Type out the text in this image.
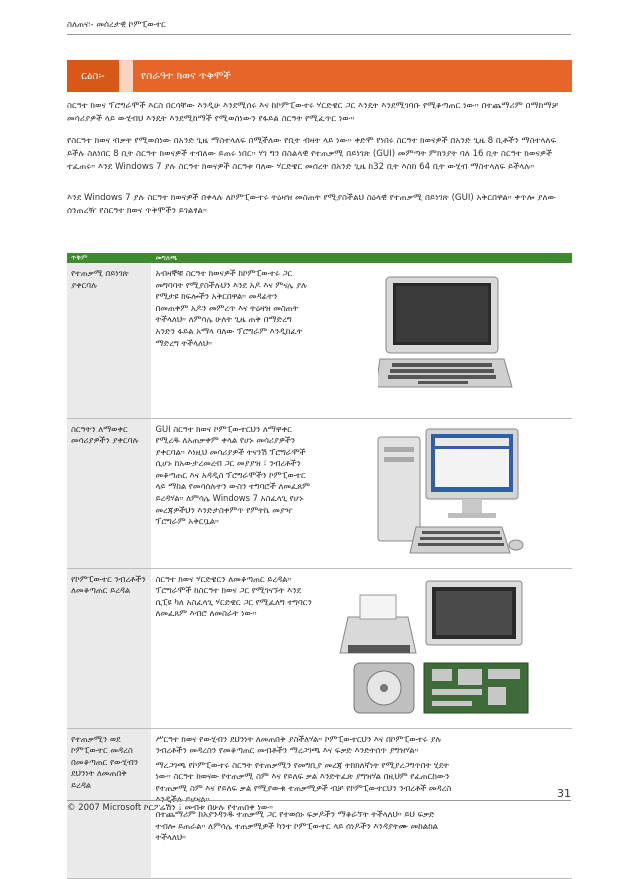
ስለጠና፡- መሰረታዊ ኮምፒውተር
ርዕስ፡-	የስራዓተ ክወና ጥቅሞች
ስርዓተ ክወና ፕሮግራሞች እርስ በርሳቸው እንዲሁ እንደሚሰሩ እና ከኮምፒውተሩ ሃርድዌር ጋር እንዴት እንደሚገባቡ የሚቆጣጠር ነው። በተጨማሪም በማከማቻ መሳሪያዎች ላይ ውሂብህ እንዴት እንደሚከማች የሚወስነውን የፋይል ስርዓት የሚፈጥር ነው።
የስርዓተ ክወና ብቃት የሚወሰነው በአንድ ጊዜ ማስተላለፍ በሚችለው የቢት ብዛት ላይ ነው። ቀድሞ የነበሩ ስርዓተ ክወናዎች በአንድ ጊዜ 8 ቢቶችን ማስተላለፍ ይችሉ ስለነበር 8 ቢት ስርዓተ ክወናዎች ተብለው ይጠሩ ነበር። ሃገ ግን በስልላዊ የተጠቃሚ በይነገጽ (GUI) መምጣት ምክንያት ባለ 16 ቢት ስርዓተ ክወናዎች ተፈጠሩ። እንደ Windows 7 ያሉ ስርዓተ ክወናዎች ስርዓቱ ባለው ሃርድዌር መሰረት በአንድ ጊዜ ከ32 ቢት እስከ 64 ቢት ውሂብ ማስተላለፍ ይችላሉ።
እንደ Windows 7 ያሉ ስርዓተ ክወናዎች በቀላሉ ለኮምፒውተሩ ትዕዛዝ መስጠት የሚያስችልህ ስዕላዊ የተጠቃሚ በይነገጽ (GUI) አቅርበዋል። ቀጥሎ ያለው ሰንጠረዥ የስርዓተ ክወና ጥቅሞችን ይገልፃል።
ጥቅም	መግለጫ	
የተጠቃሚ በይነገጽ ያቀርባሉ	አብዛኞቹ ስርዓተ ክወናዎች ከኮምፒውተሩ ጋር መግባባት የሚያስችሉህን እንደ አዶ እና ምናሌ ያሉ የሚታዩ ክፍሎችን አቅርበዋል። መዳፊትን በመጠቀም አዶን መምረጥ እና ትዕዛዝ መስጠት ትችላለህ። ለምሳሌ ሁለት ጊዜ ጠቅ በማድረግ አንድን ፋይል አማላ ባለው ፕሮግራም እንዲከፈት ማድረግ ትችላለህ።

ስርዓትን ለማወቀር መሳሪያዎችን ያቀርባሉ	GUI ስርዓተ ክወና ኮምፒውተርህን ለማዋቀር የሚረዱ ለአጠቃቀም ቀላል የሆኑ መሳሪያዎችን ያቀርባል። እነዚህ መሳሪያዎች ትናንሽ ፕሮግራሞች ሲሆኑ ከአውታረመረብ ጋር መያያዝ ፣ ንብረቶችን መቆጣጠር እና አዳዲስ ፕሮግራሞችን ኮምፒውተር ላይ ማከል የመሳሰሉትን ውስን ተግባሮች ለመፈጸም ይረዳሃል። ለምሳሌ Windows 7 አስፈላጊ የሆኑ መረጃዎችህን እንድታስቀምጥ የምትኬ መያዣ ፕሮግራም አቅርቧል።

የኮምፒውተር ንብረቶችን ለመቆጣጠር ይረዳል	ስርዓተ ክወና ሃርድዌርን ለመቆጣጠር ይረዳል። ፕሮግራሞች ከስርዓተ ክወና ጋር የሚገናኙት እንደ ሲፒዩ ካለ አስፈላጊ ሃርድዌር ጋር የሚፈለግ ተግባርን ለመፈጸም እብሮ ለመስራት ነው።

የተጠቃሚን ወደ ኮምፒውተር መዳረስ በመቆጣጠር የውሂብን ደህንነት ለመጠበቅ ይረዳል	ሥርዓተ ክወና የውሂብን ደህንነት ለመጠበቅ ያስችለሃል። ኮምፒውተርህን እና በኮምፒውተሩ ያሉ ንብረቶችን መዳረስን የመቆጣጠር መብቶችን ማረጋገጫ እና ፍቃድ እንድትሰጥ ያግዝሃል።

ማረጋገጫ የኮምፒውተሩ ስርዓት የተጠቃሚን የመግቢያ መረጃ ትክክለኛነት የሚያረጋግጥበት ሂደት ነው። ስርዓተ ክወናው የተጠቃሚ ስም እና የይለፍ ቃል እንድትፈጽ ያግዝሃል በዚህም የፈጠርከውን የተጠቃሚ ስም እና የይለፍ ቃል የሚያውቁ ተጠቃሚዎች ብቻ የኮምፒውተርህን ንብረቶች መዳረስ እንዲችሉ ይሆናል።

በተጨማሪም ከአያንዳንዱ ተጠቃሚ ጋር የተወሰኑ ፍቃዶችን ማቆራኘት ትችላለህ። ይህ ፍቃድ ተብሎ ይጠራል። ለምሳሌ ተጠቃሚዎች ካንተ ኮምፒውተር ላይ ሰነዶችን እንዳያትሙ መከልከል ትችላለህ።	

31
© 2007 Microsoft ኮርፖሬሽን ፤ መብቱ በሁሉ የተጠበቀ ነው።
